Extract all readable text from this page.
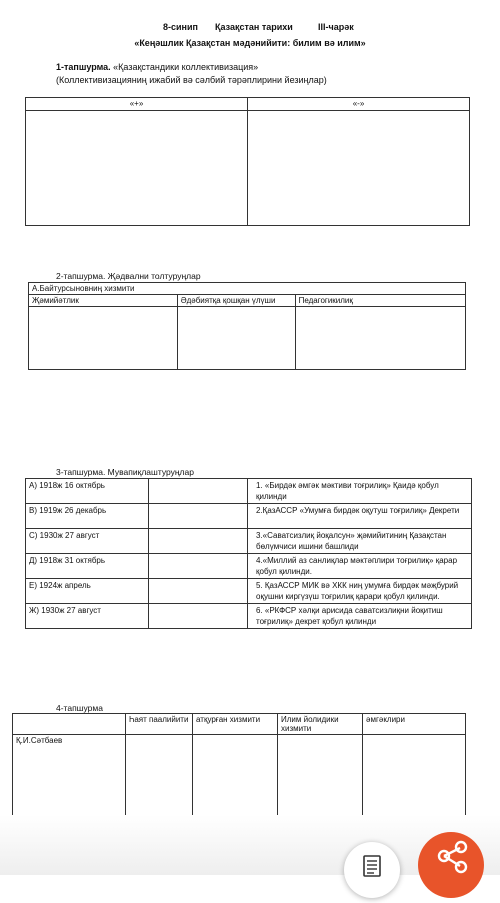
8-синип Қазақстан тарихи	III-чарәк
«Кеңәшлик Қазақстан мәдәнийити: билим вә илим»
1-тапшурма. «Қазақстандики коллективизация»
(Коллективизацияниң ижабий вә сәлбий тәрәплирини йезиңлар)
«+»	«-»

2-тапшурма. Җәдвални толтуруңлар
А.Байтурсыновниң хизмити		
Җәмийәтлик	Әдәбиятқа қошқан үлүши	Педагогикилиқ

3-тапшурма. Мувапиқлаштуруңлар
А) 1918ж 16 октябрь		1. «Бирдәк әмгәк мәктиви тоғрилиқ» Қаидә қобул қилинди
В) 1919ж 26 декабрь		2.ҚазАССР «Умумға бирдәк оқутуш тоғрилиқ» Декрети
С) 1930ж 27 август		3.«Саватсизлиқ йоқалсун» җәмийитиниң Қазақстан бөлүмчиси ишини башлиди
Д) 1918ж 31 октябрь		4.«Миллий аз санлиқлар мәктәплири тоғрилиқ» қарар қобул қилинди.
Е) 1924ж апрель		5. ҚазАССР МИК вә ХКК ниң умумға бирдәк мәҗбурий оқушни киргүзүш тоғрилиқ қарари қобул қилинди.
Ж) 1930ж 27 август		6. «РКФСР хәлқи арисида саватсизлиқни йоқитиш тоғрилиқ» декрет қобул қилинди
4-тапшурма
	Һаят паалийити	атқурған хизмити	Илим йолидики хизмити	әмгәклири
Қ.И.Сәтбаев				
